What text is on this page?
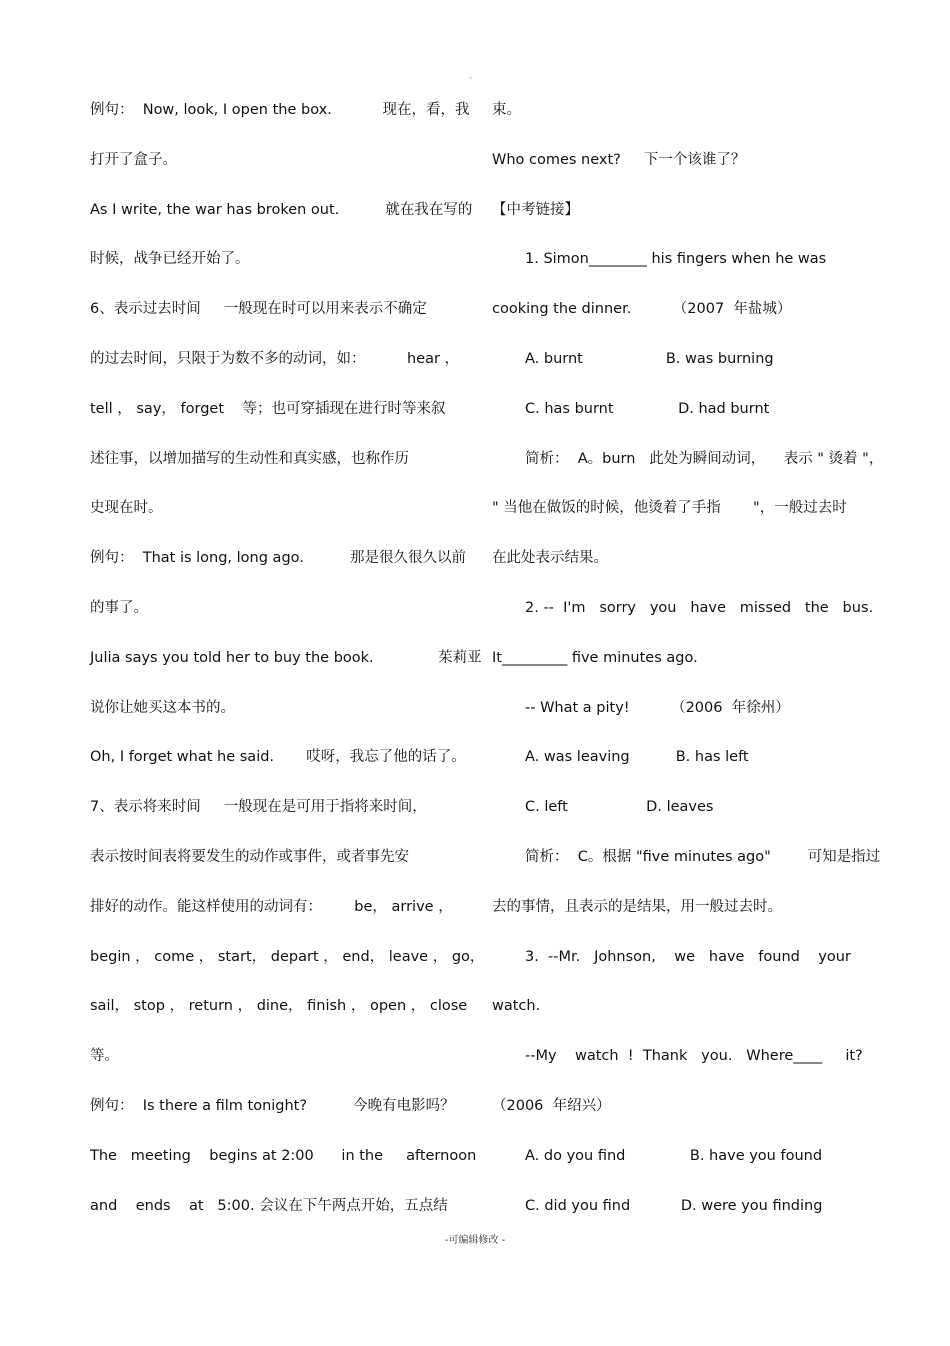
。
例句：  Now, look, I open the box.           现在，看，我
打开了盒子。
As I write, the war has broken out.          就在我在写的
时候，战争已经开始了。
6、表示过去时间     一般现在时可以用来表示不确定
的过去时间，只限于为数不多的动词，如：         hear ，
tell ， say， forget    等；也可穿插现在进行时等来叙
述往事，以增加描写的生动性和真实感，也称作历
史现在时。
例句：  That is long, long ago.          那是很久很久以前
的事了。
Julia says you told her to buy the book.              茱莉亚
说你让她买这本书的。
Oh, I forget what he said.       哎呀，我忘了他的话了。
7、表示将来时间     一般现在是可用于指将来时间，
表示按时间表将要发生的动作或事件，或者事先安
排好的动作。能这样使用的动词有：       be， arrive ，
begin ， come ， start， depart ， end， leave ， go，
sail， stop ， return ， dine， finish ， open ， close
等。
例句：  Is there a film tonight?          今晚有电影吗？
The   meeting    begins at 2:00      in the     afternoon
and    ends    at   5:00. 会议在下午两点开始，五点结
束。
Who comes next?     下一个该谁了？
【中考链接】
1. Simon________ his fingers when he was
cooking the dinner.         （2007  年盐城）
A. burnt                  B. was burning
C. has burnt              D. had burnt
简析：  A。burn   此处为瞬间动词，    表示 " 烫着 "，
" 当他在做饭的时候，他烫着了手指       "，一般过去时
在此处表示结果。
2. --  I'm   sorry   you   have   missed   the   bus.
It_________ five minutes ago.
-- What a pity!         （2006  年徐州）
A. was leaving          B. has left
C. left                 D. leaves
简析：  C。根据 "five minutes ago"        可知是指过
去的事情，且表示的是结果，用一般过去时。
3.  --Mr.   Johnson,    we   have   found    your
watch.
--My    watch  !  Thank   you.   Where____     it?
（2006  年绍兴）
A. do you find              B. have you found
C. did you find           D. were you finding
-可编辑修改 -
